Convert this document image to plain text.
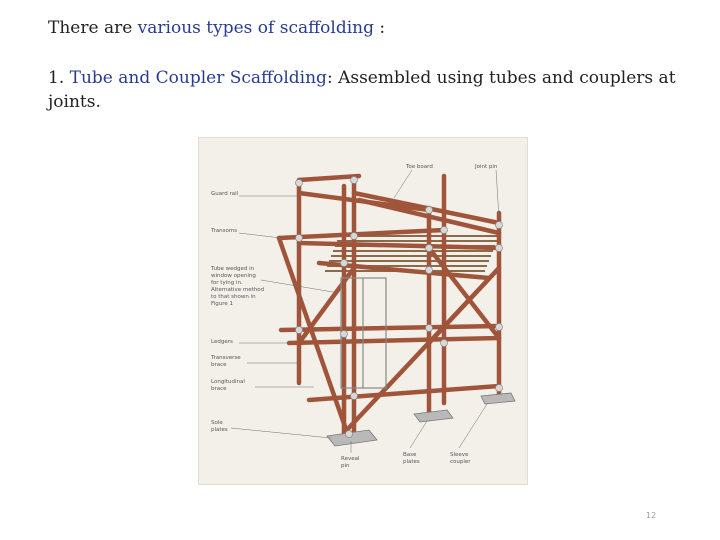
There are various types of scaffolding :
1. Tube and Coupler Scaffolding: Assembled using tubes and couplers at
joints.
Guard rail
Transoms
Tube wedged in
window opening
for tying in.
Alternative method
to that shown in
Figure 1
Ledgers
Transverse
brace
Longitudinal
brace
Sole
plates
Toe board	Joint pin
Reveal
pin
Base
plates
Sleeve
coupler
12
